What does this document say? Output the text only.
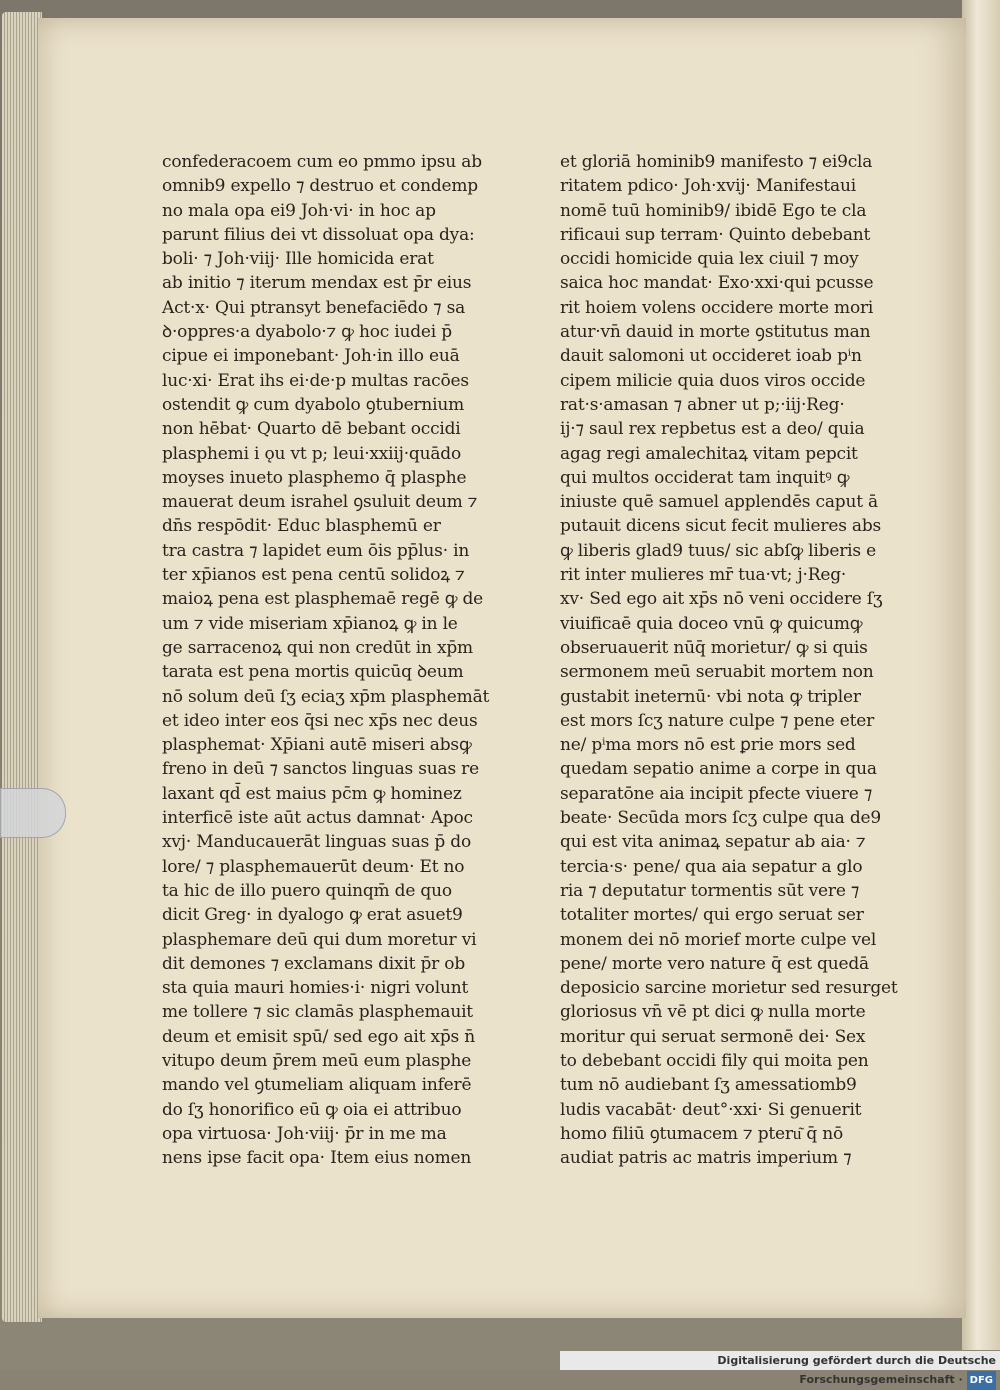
confederacoem cum eo pmmo ipsu ab
omnib9 expello ⁊ destruo et condemp
no mala opa ei9 Joh·vi· in hoc ap
parunt filius dei vt dissoluat opa dya:
boli· ⁊ Joh·viij· Ille homicida erat
ab initio ⁊ iterum mendax est p̄r eius
Act·x· Qui ptransyt benefaciēdo ⁊ sa
ꝺ·oppres·a dyabolo·⁊ ꝙ hoc iudei p̄
cipue ei imponebant· Joh·in illo euā
luc·xi· Erat ihs ei·de·p multas racōes
ostendit ꝙ cum dyabolo ꝯtubernium
non hēbat· Quarto dē bebant occidi
plasphemi i ǫu vt p; leui·xxiij·quādo
moyses inueto plasphemo q̄ plasphe
mauerat deum israhel ꝯsuluit deum ⁊
dn̄s respōdit· Educ blasphemū er
tra castra ⁊ lapidet eum ōis pp̄lus· in
ter xp̄ianos est pena centū solidoꝝ ⁊
maioꝝ pena est plasphemaē regē ꝙ de
um ⁊ vide miseriam xp̄ianoꝝ ꝙ in le
ge sarracenoꝝ qui non credūt in xp̄m
tarata est pena mortis quicūq ꝺeum
nō solum deū ſʒ eciaʒ xp̄m plasphemāt
et ideo inter eos q̄si nec xp̄s nec deus
plasphemat· Xp̄iani autē miseri absꝙ
freno in deū ⁊ sanctos linguas suas re
laxant qd̄ est maius pc̄m ꝙ hominez
interficē iste aūt actus damnat· Apoc
xvj· Manducauerāt linguas suas p̄ do
lore/ ⁊ plasphemauerūt deum· Et no
ta hic de illo puero quinqm̄ de quo
dicit Greg· in dyalogo ꝙ erat asuet9
plasphemare deū qui dum moretur vi
dit demones ⁊ exclamans dixit p̄r ob
sta quia mauri homies·i· nigri volunt
me tollere ⁊ sic clamās plasphemauit
deum et emisit spū/ sed ego ait xp̄s n̄
vitupo deum p̄rem meū eum plasphe
mando vel ꝯtumeliam aliquam inferē
do ſʒ honorifico eū ꝙ oia ei attribuo
opa virtuosa· Joh·viij· p̄r in me ma
nens ipse facit opa· Item eius nomen
et gloriā hominib9 manifesto ⁊ ei9cla
ritatem pdico· Joh·xvij· Manifestaui
nomē tuū hominib9/ ibidē Ego te cla
rificaui sup terram· Quinto debebant
occidi homicide quia lex ciuil ⁊ moy
saica hoc mandat· Exo·xxi·qui pcusse
rit hoiem volens occidere morte mori
atur·vn̄ dauid in morte ꝯstitutus man
dauit salomoni ut occideret ioab pⁱn
cipem milicie quia duos viros occide
rat·s·amasan ⁊ abner ut p;·iij·Reg·
ij·⁊ saul rex repbetus est a deo/ quia
agag regi amalechitaꝝ vitam pepcit
qui multos occiderat tam inquitꝰ ꝙ
iniuste quē samuel applendēs caput ā
putauit dicens sicut fecit mulieres abs
ꝙ liberis glad9 tuus/ sic abſꝙ liberis e
rit inter mulieres mr̄ tua·vt; j·Reg·
xv· Sed ego ait xp̄s nō veni occidere ſʒ
viuificaē quia doceo vnū ꝙ quicumꝙ
obseruauerit nūq̄ morietur/ ꝙ si quis
sermonem meū seruabit mortem non
gustabit ineternū· vbi nota ꝙ tripler
est mors ſcʒ nature culpe ⁊ pene eter
ne/ pⁱma mors nō est ꝑrie mors sed
quedam sepatio anime a corpe in qua
separatōne aia incipit pfecte viuere ⁊
beate· Secūda mors ſcʒ culpe qua de9
qui est vita animaꝝ sepatur ab aia· ⁊
tercia·s· pene/ qua aia sepatur a glo
ria ⁊ deputatur tormentis sūt vere ⁊
totaliter mortes/ qui ergo seruat ser
monem dei nō morief morte culpe vel
pene/ morte vero nature q̄ est quedā
deposicio sarcine morietur sed resurget
gloriosus vn̄ vē pt dici ꝙ nulla morte
moritur qui seruat sermonē dei· Sex
to debebant occidi fily qui moita pen
tum nō audiebant ſʒ amessatiomb9
ludis vacabāt· deut°·xxi· Si genuerit
homo filiū ꝯtumacem ⁊ pteru͂ q̄ nō
audiat patris ac matris imperium ⁊
Digitalisierung gefördert durch die Deutsche Forschungsgemeinschaft · DFG
